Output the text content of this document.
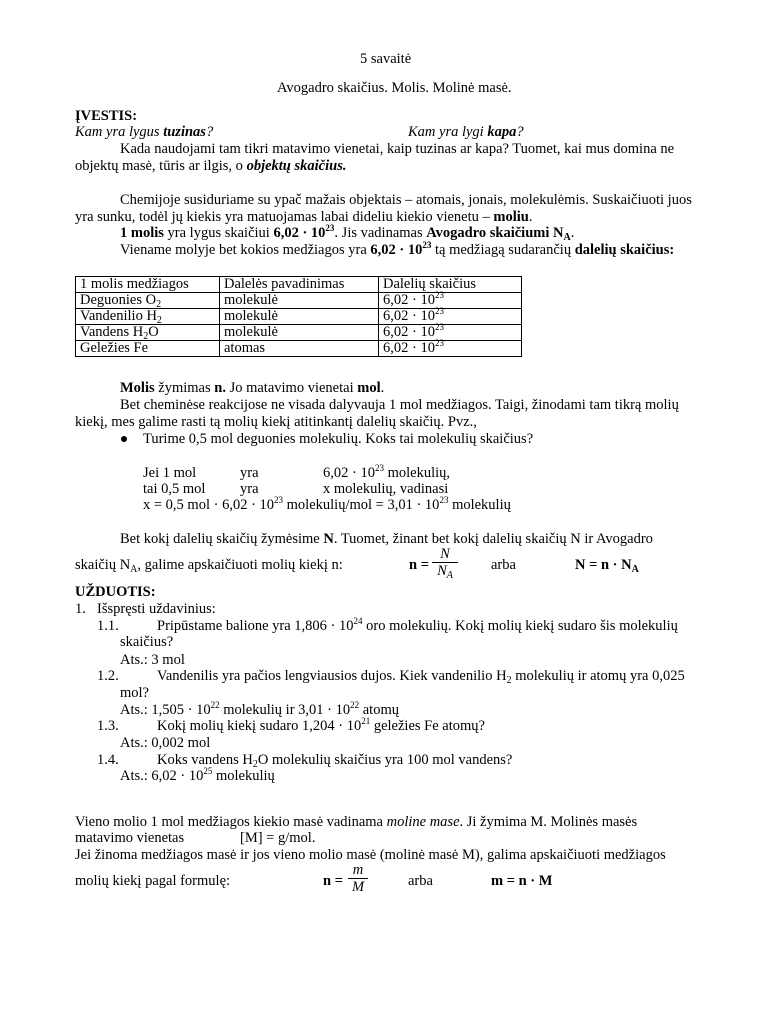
5 savaitė
Avogadro skaičius. Molis. Molinė masė.
ĮVESTIS:
Kam yra lygus tuzinas?	Kam yra lygi kapa?
Kada naudojami tam tikri matavimo vienetai, kaip tuzinas ar kapa? Tuomet, kai mus domina ne
objektų masė, tūris ar ilgis, o objektų skaičius.
Chemijoje susiduriame su ypač mažais objektais – atomais, jonais, molekulėmis. Suskaičiuoti juos
yra sunku, todėl jų kiekis yra matuojamas labai dideliu kiekio vienetu – moliu.
1 molis yra lygus skaičiui $6,02 \cdot 10^{23}$. Jis vadinamas Avogadro skaičiumi $N_A$.
Viename molyje bet kokios medžiagos yra $6,02 \cdot 10^{23}$ tą medžiagą sudarančių dalelių skaičius:
1 molis medžiagos	Dalelės pavadinimas	Dalelių skaičius
Deguonies $O_2$	molekulė	$6,02 \cdot 10^{23}$
Vandenilio $H_2$	molekulė	$6,02 \cdot 10^{23}$
Vandens $H_2O$	molekulė	$6,02 \cdot 10^{23}$
Geležies Fe	atomas	$6,02 \cdot 10^{23}$
Molis žymimas n. Jo matavimo vienetai mol.
Bet cheminėse reakcijose ne visada dalyvauja 1 mol medžiagos. Taigi, žinodami tam tikrą molių
kiekį, mes galime rasti tą molių kiekį atitinkantį dalelių skaičių. Pvz.,
Turime 0,5 mol deguonies molekulių. Koks tai molekulių skaičius?
Jei 1 mol	yra	$6,02 \cdot 10^{23}$ molekulių,
tai 0,5 mol yra	x molekulių, vadinasi
x = 0,5 mol · $6,02 \cdot 10^{23}$ molekulių/mol = $3,01 \cdot 10^{23}$ molekulių
Bet kokį dalelių skaičių žymėsime N. Tuomet, žinant bet kokį dalelių skaičių N ir Avogadro
skaičių $N_A$, galime apskaičiuoti molių kiekį n:	n =
N
$N_A$
arba	$N = n \cdot N_A$
UŽDUOTIS:
1. Išspręsti uždavinius:
1.1.	Pripūstame balione yra $1,806 \cdot 10^{24}$ oro molekulių. Kokį molių kiekį sudaro šis molekulių
skaičius?
Ats.: 3 mol
1.2.	Vandenilis yra pačios lengviausios dujos. Kiek vandenilio $H_2$ molekulių ir atomų yra 0,025
mol?
Ats.: $1,505 \cdot 10^{22}$ molekulių ir $3,01 \cdot 10^{22}$ atomų
1.3.	Kokį molių kiekį sudaro $1,204 \cdot 10^{21}$ geležies Fe atomų?
Ats.: 0,002 mol
1.4.	Koks vandens $H_2O$ molekulių skaičius yra 100 mol vandens?
Ats.: $6,02 \cdot 10^{25}$ molekulių
Vieno molio 1 mol medžiagos kiekio masė vadinama moline mase. Ji žymima M. Molinės masės
matavimo vienetas	[M] = g/mol.
Jei žinoma medžiagos masė ir jos vieno molio masė (molinė masė M), galima apskaičiuoti medžiagos
molių kiekį pagal formulę:	n =
m
M	arba	m = n · M
